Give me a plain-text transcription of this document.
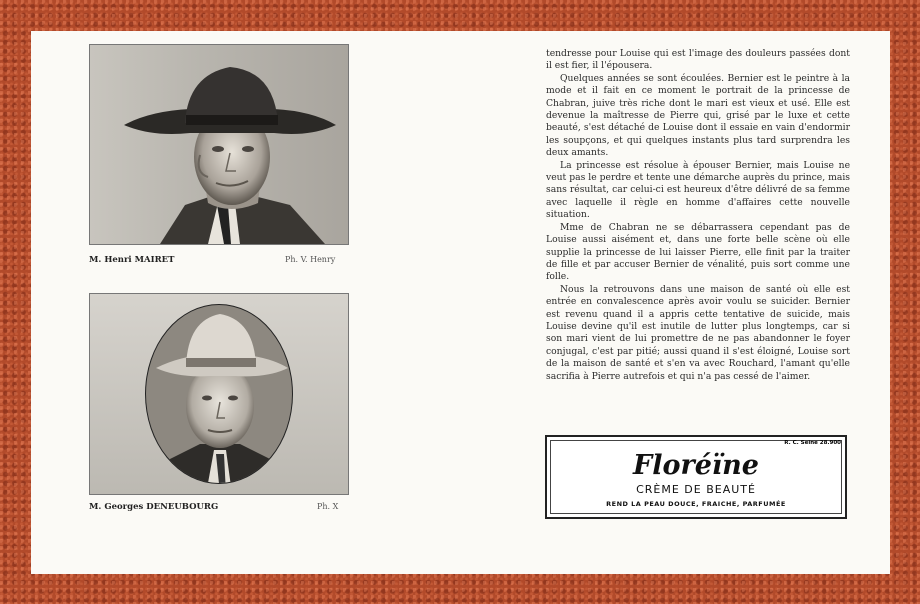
M. Henri MAIRET	Ph. V. Henry
M. Georges DENEUBOURG	Ph. X

tendresse pour Louise qui est l'image des douleurs passées dont il est fier, il l'épousera.

Quelques années se sont écoulées. Bernier est le peintre à la mode et il fait en ce moment le portrait de la princesse de Chabran, juive très riche dont le mari est vieux et usé. Elle est devenue la maîtresse de Pierre qui, grisé par le luxe et cette beauté, s'est détaché de Louise dont il essaie en vain d'endormir les soupçons, et qui quelques instants plus tard surprendra les deux amants.

La princesse est résolue à épouser Bernier, mais Louise ne veut pas le perdre et tente une démarche auprès du prince, mais sans résultat, car celui-ci est heureux d'être délivré de sa femme avec laquelle il règle en homme d'affaires cette nouvelle situation.

Mme de Chabran ne se débarrassera cependant pas de Louise aussi aisément et, dans une forte belle scène où elle supplie la princesse de lui laisser Pierre, elle finit par la traiter de fille et par accuser Bernier de vénalité, puis sort comme une folle.

Nous la retrouvons dans une maison de santé où elle est entrée en convalescence après avoir voulu se suicider. Bernier est revenu quand il a appris cette tentative de suicide, mais Louise devine qu'il est inutile de lutter plus longtemps, car si son mari vient de lui promettre de ne pas abandonner le foyer conjugal, c'est par pitié; aussi quand il s'est éloigné, Louise sort de la maison de santé et s'en va avec Rouchard, l'amant qu'elle sacrifia à Pierre autrefois et qui n'a pas cessé de l'aimer.

R. C. Seine 28.900
Floréïne
CRÈME DE BEAUTÉ
REND LA PEAU DOUCE, FRAICHE, PARFUMÉE
